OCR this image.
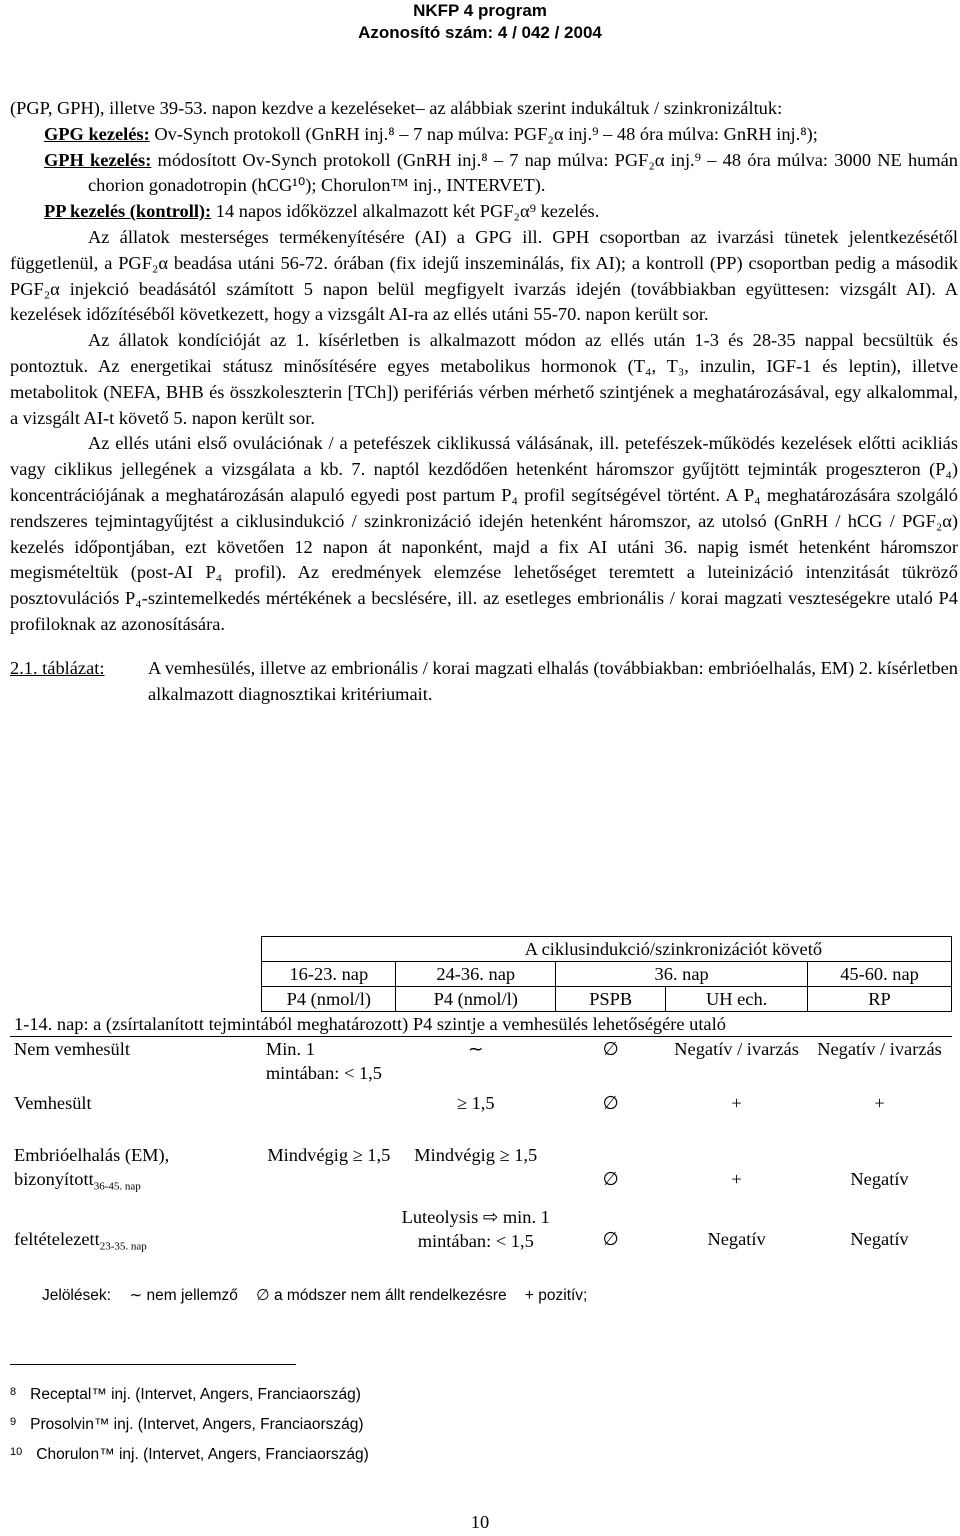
NKFP 4 program
Azonosító szám: 4 / 042 / 2004

(PGP, GPH), illetve 39-53. napon kezdve a kezeléseket– az alábbiak szerint indukáltuk / szinkronizáltuk:

GPG kezelés: Ov-Synch protokoll (GnRH inj.⁸ – 7 nap múlva: PGF₂α inj.⁹ – 48 óra múlva: GnRH inj.⁸);

GPH kezelés: módosított Ov-Synch protokoll (GnRH inj.⁸ – 7 nap múlva: PGF₂α inj.⁹ – 48 óra múlva: 3000 NE humán chorion gonadotropin (hCG¹⁰); Chorulon™ inj., INTERVET).

PP kezelés (kontroll): 14 napos időközzel alkalmazott két PGF₂α⁹ kezelés.

Az állatok mesterséges termékenyítésére (AI) a GPG ill. GPH csoportban az ivarzási tünetek jelentkezésétől függetlenül, a PGF₂α beadása utáni 56-72. órában (fix idejű inszeminálás, fix AI); a kontroll (PP) csoportban pedig a második PGF₂α injekció beadásától számított 5 napon belül megfigyelt ivarzás idején (továbbiakban együttesen: vizsgált AI). A kezelések időzítéséből következett, hogy a vizsgált AI-ra az ellés utáni 55-70. napon került sor.

Az állatok kondícióját az 1. kísérletben is alkalmazott módon az ellés után 1-3 és 28-35 nappal becsültük és pontoztuk. Az energetikai státusz minősítésére egyes metabolikus hormonok (T₄, T₃, inzulin, IGF-1 és leptin), illetve metabolitok (NEFA, BHB és összkoleszterin [TCh]) perifériás vérben mérhető szintjének a meghatározásával, egy alkalommal, a vizsgált AI-t követő 5. napon került sor.

Az ellés utáni első ovulációnak / a petefészek ciklikussá válásának, ill. petefészek-működés kezelések előtti acikliás vagy ciklikus jellegének a vizsgálata a kb. 7. naptól kezdődően hetenként háromszor gyűjtött tejminták progeszteron (P₄) koncentrációjának a meghatározásán alapuló egyedi post partum P₄ profil segítségével történt. A P₄ meghatározására szolgáló rendszeres tejmintagyűjtést a ciklusindukció / szinkronizáció idején hetenként háromszor, az utolsó (GnRH / hCG / PGF₂α) kezelés időpontjában, ezt követően 12 napon át naponként, majd a fix AI utáni 36. napig ismét hetenként háromszor megismételtük (post-AI P₄ profil). Az eredmények elemzése lehetőséget teremtett a luteinizáció intenzitását tükröző posztovulációs P₄-szintemelkedés mértékének a becslésére, ill. az esetleges embrionális / korai magzati veszteségekre utaló P4 profiloknak az azonosítására.

2.1. táblázat:	A vemhesülés, illetve az embrionális / korai magzati elhalás (továbbiakban: embrióelhalás, EM) 2. kísérletben alkalmazott diagnosztikai kritériumait.
		A ciklusindukció/szinkronizációt követő			
	16-23. nap	24-36. nap	36. nap		45-60. nap
	P4 (nmol/l)	P4 (nmol/l)	PSPB	UH ech.	RP
1-14. nap: a (zsírtalanított tejmintából meghatározott) P4 szintje a vemhesülés lehetőségére utaló					
Nem vemhesült	Min. 1 mintában: < 1,5	∼	∅	Negatív / ivarzás	Negatív / ivarzás
Vemhesült		≥ 1,5	∅	+	+
Embrióelhalás (EM), bizonyított$_{36-45. nap}$	Mindvégig ≥ 1,5	Mindvégig ≥ 1,5	∅	+	Negatív
feltételezett$_{23-35. nap}$		Luteolysis ⇨ min. 1 mintában: < 1,5	∅	Negatív	Negatív
Jelölések: ∼ nem jellemző ∅ a módszer nem állt rendelkezésre + pozitív;
$^8$ Receptal™ inj. (Intervet, Angers, Franciaország)
$^9$ Prosolvin™ inj. (Intervet, Angers, Franciaország)
$^{10}$ Chorulon™ inj. (Intervet, Angers, Franciaország)
10
